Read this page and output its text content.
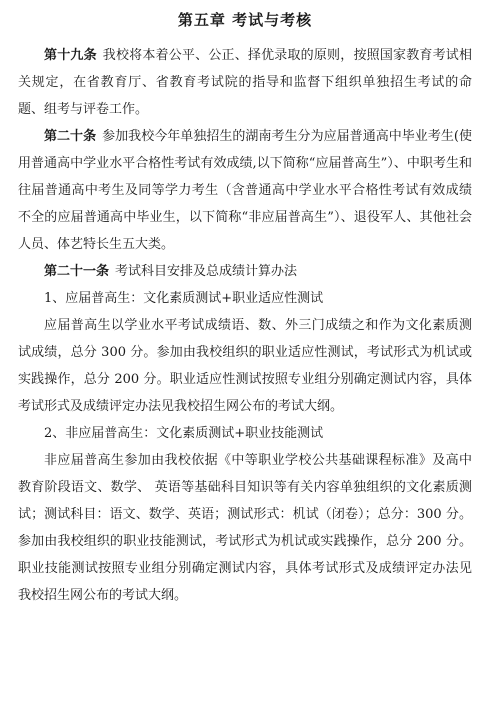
第五章 考试与考核

第十九条 我校将本着公平、公正、择优录取的原则，按照国家教育考试相关规定，在省教育厅、省教育考试院的指导和监督下组织单独招生考试的命题、组考与评卷工作。

第二十条 参加我校今年单独招生的湖南考生分为应届普通高中毕业考生(使用普通高中学业水平合格性考试有效成绩,以下简称“应届普高生”）、中职考生和往届普通高中考生及同等学力考生（含普通高中学业水平合格性考试有效成绩不全的应届普通高中毕业生，以下简称“非应届普高生”）、退役军人、其他社会人员、体艺特长生五大类。

第二十一条 考试科目安排及总成绩计算办法

1、应届普高生：文化素质测试+职业适应性测试

应届普高生以学业水平考试成绩语、数、外三门成绩之和作为文化素质测试成绩，总分 300 分。参加由我校组织的职业适应性测试，考试形式为机试或实践操作，总分 200 分。职业适应性测试按照专业组分别确定测试内容，具体考试形式及成绩评定办法见我校招生网公布的考试大纲。

2、非应届普高生：文化素质测试+职业技能测试

非应届普高生参加由我校依据《中等职业学校公共基础课程标准》及高中教育阶段语文、数学、 英语等基础科目知识等有关内容单独组织的文化素质测试；测试科目：语文、数学、英语；测试形式：机试（闭卷）；总分：300 分。参加由我校组织的职业技能测试，考试形式为机试或实践操作，总分 200 分。职业技能测试按照专业组分别确定测试内容，具体考试形式及成绩评定办法见我校招生网公布的考试大纲。
